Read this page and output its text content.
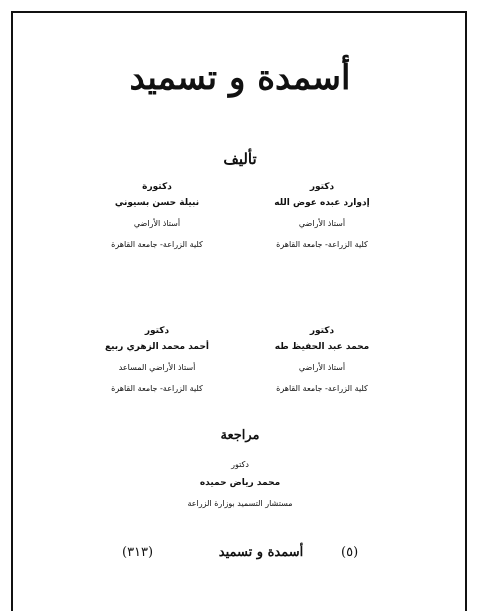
أسمدة و تسميد
تأليف
دكتور
إدوارد عبده عوض الله
أستاذ الأراضي
كلية الزراعة- جامعة القاهرة
دكتورة
نبيلة حسن بسيوني
أستاذ الأراضي
كلية الزراعة- جامعة القاهرة
دكتور
محمد عبد الحفيظ طه
أستاذ الأراضي
كلية الزراعة- جامعة القاهرة
دكتور
أحمد محمد الزهري ربيع
أستاذ الأراضي المساعد
كلية الزراعة- جامعة القاهرة
مراجعة
دكتور
محمد رياض حميده
مستشار التسميد بوزارة الزراعة
(٥)
أسمدة و تسميد
(٣١٣)
